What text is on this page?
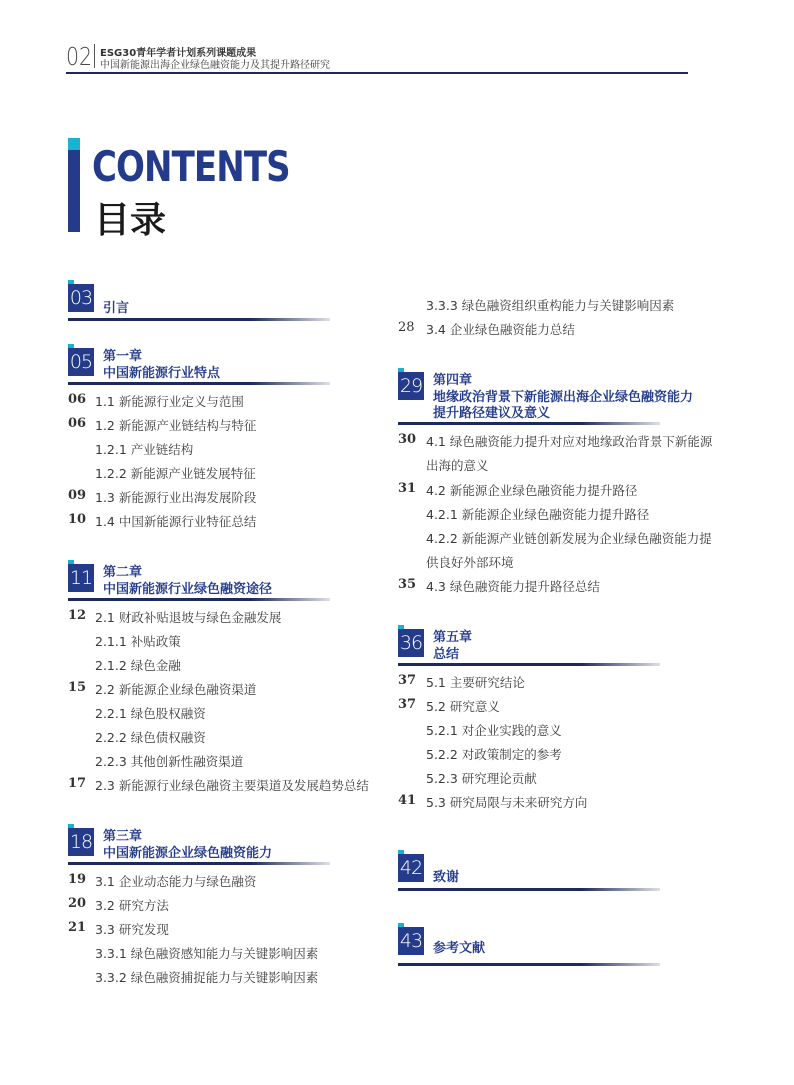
02 ESG30青年学者计划系列课题成果
中国新能源出海企业绿色融资能力及其提升路径研究
CONTENTS
目录
03 引言
05 第一章
中国新能源行业特点
06 1.1 新能源行业定义与范围
06 1.2 新能源产业链结构与特征
1.2.1 产业链结构
1.2.2 新能源产业链发展特征
09 1.3 新能源行业出海发展阶段
10 1.4 中国新能源行业特征总结
11 第二章
中国新能源行业绿色融资途径
12 2.1 财政补贴退坡与绿色金融发展
2.1.1 补贴政策
2.1.2 绿色金融
15 2.2 新能源企业绿色融资渠道
2.2.1 绿色股权融资
2.2.2 绿色债权融资
2.2.3 其他创新性融资渠道
17 2.3 新能源行业绿色融资主要渠道及发展趋势总结
18 第三章
中国新能源企业绿色融资能力
19 3.1 企业动态能力与绿色融资
20 3.2 研究方法
21 3.3 研究发现
3.3.1 绿色融资感知能力与关键影响因素
3.3.2 绿色融资捕捉能力与关键影响因素
3.3.3 绿色融资组织重构能力与关键影响因素
28 3.4 企业绿色融资能力总结
29 第四章
地缘政治背景下新能源出海企业绿色融资能力
提升路径建议及意义
30 4.1 绿色融资能力提升对应对地缘政治背景下新能源
出海的意义
31 4.2 新能源企业绿色融资能力提升路径
4.2.1 新能源企业绿色融资能力提升路径
4.2.2 新能源产业链创新发展为企业绿色融资能力提
供良好外部环境
35 4.3 绿色融资能力提升路径总结
36 第五章
总结
37 5.1 主要研究结论
37 5.2 研究意义
5.2.1 对企业实践的意义
5.2.2 对政策制定的参考
5.2.3 研究理论贡献
41 5.3 研究局限与未来研究方向
42 致谢
43 参考文献
